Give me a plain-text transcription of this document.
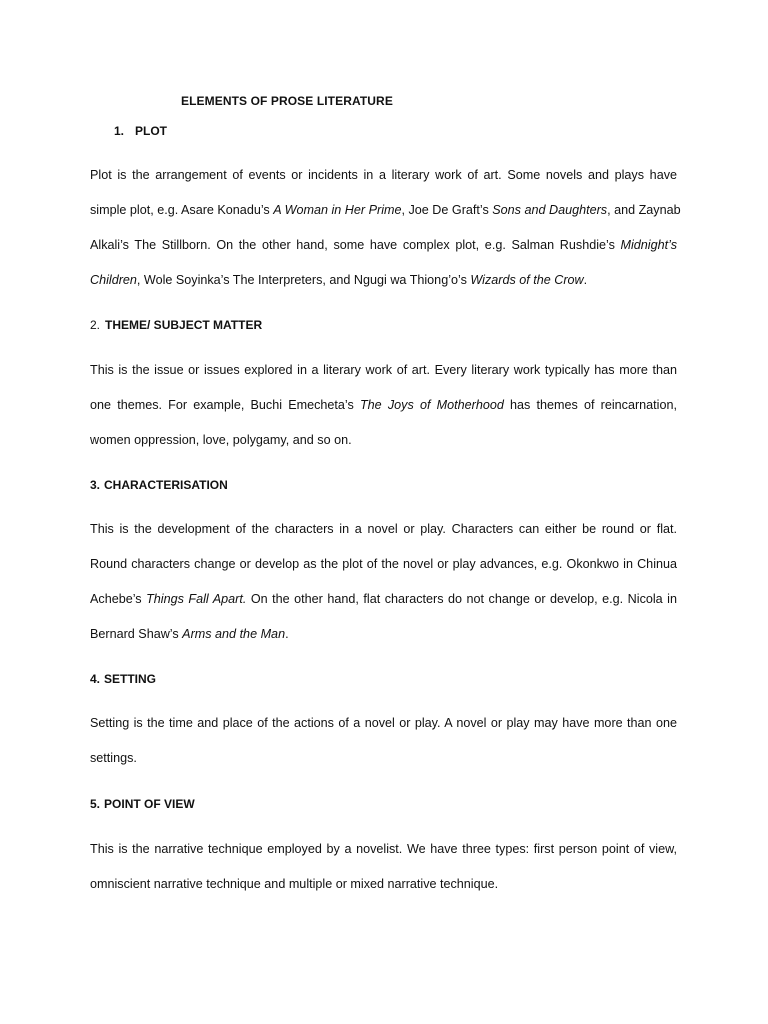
ELEMENTS OF PROSE LITERATURE
1. PLOT
Plot is the arrangement of events or incidents in a literary work of art. Some novels and plays have
simple plot, e.g. Asare Konadu’s A Woman in Her Prime, Joe De Graft’s Sons and Daughters, and Zaynab
Alkali’s The Stillborn. On the other hand, some have complex plot, e.g. Salman Rushdie’s Midnight’s
Children, Wole Soyinka’s The Interpreters, and Ngugi wa Thiong’o’s Wizards of the Crow.
2. THEME/ SUBJECT MATTER
This is the issue or issues explored in a literary work of art. Every literary work typically has more than
one themes. For example, Buchi Emecheta’s The Joys of Motherhood has themes of reincarnation,
women oppression, love, polygamy, and so on.
3. CHARACTERISATION
This is the development of the characters in a novel or play. Characters can either be round or flat.
Round characters change or develop as the plot of the novel or play advances, e.g. Okonkwo in Chinua
Achebe’s Things Fall Apart. On the other hand, flat characters do not change or develop, e.g. Nicola in
Bernard Shaw’s Arms and the Man.
4. SETTING
Setting is the time and place of the actions of a novel or play. A novel or play may have more than one
settings.
5. POINT OF VIEW
This is the narrative technique employed by a novelist. We have three types: first person point of view,
omniscient narrative technique and multiple or mixed narrative technique.
